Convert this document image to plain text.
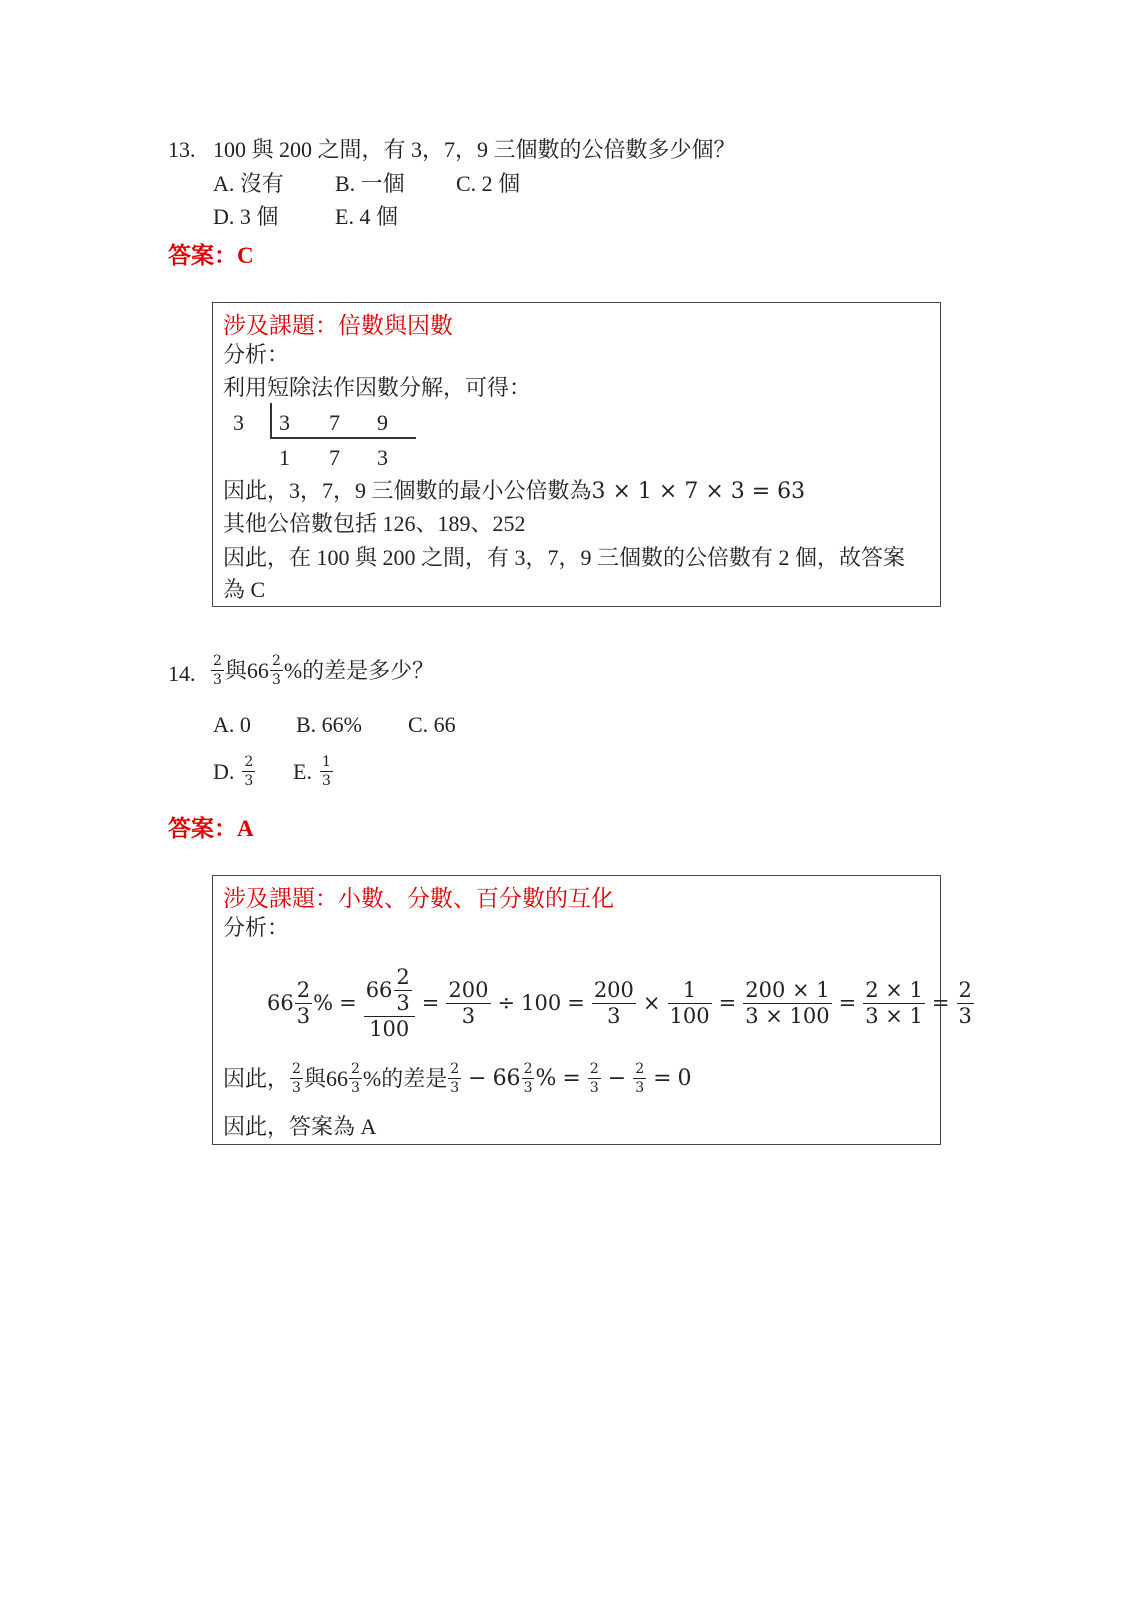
13. 100 與 200 之間，有 3，7，9 三個數的公倍數多少個？
A. 沒有 B. 一個 C. 2 個
D. 3 個	E. 4 個
答案：C
涉及課題：倍數與因數
分析：
利用短除法作因數分解，可得：
3 3 7 9
1 7 3
因此，3，7，9 三個數的最小公倍數為3 × 1 × 7 × 3 = 63
其他公倍數包括 126、189、252
因此，在 100 與 200 之間，有 3，7，9 三個數的公倍數有 2 個，故答案
為 C
14. 2
3 與66 2
3 %的差是多少？
A. 0 B. 66% C. 66
D. 2
3 E. 1
3
答案：A
涉及課題：小數、分數、百分數的互化
分析：
66
2
3
% = 66
2
3
$100 = \frac{200}{3} \div 100 = \frac{200}{3} \times \frac{1}{100} = \frac{200 \times 1}{3 \times 100} = \frac{2 \times 1}{3 \times 1} = \frac{2}{3}$
因此， 2
3 與66 2
3 %的差是 2
3 − 66 2
3 % = $\frac{2}{3} - \frac{2}{3} = 0$
因此，答案為 A
